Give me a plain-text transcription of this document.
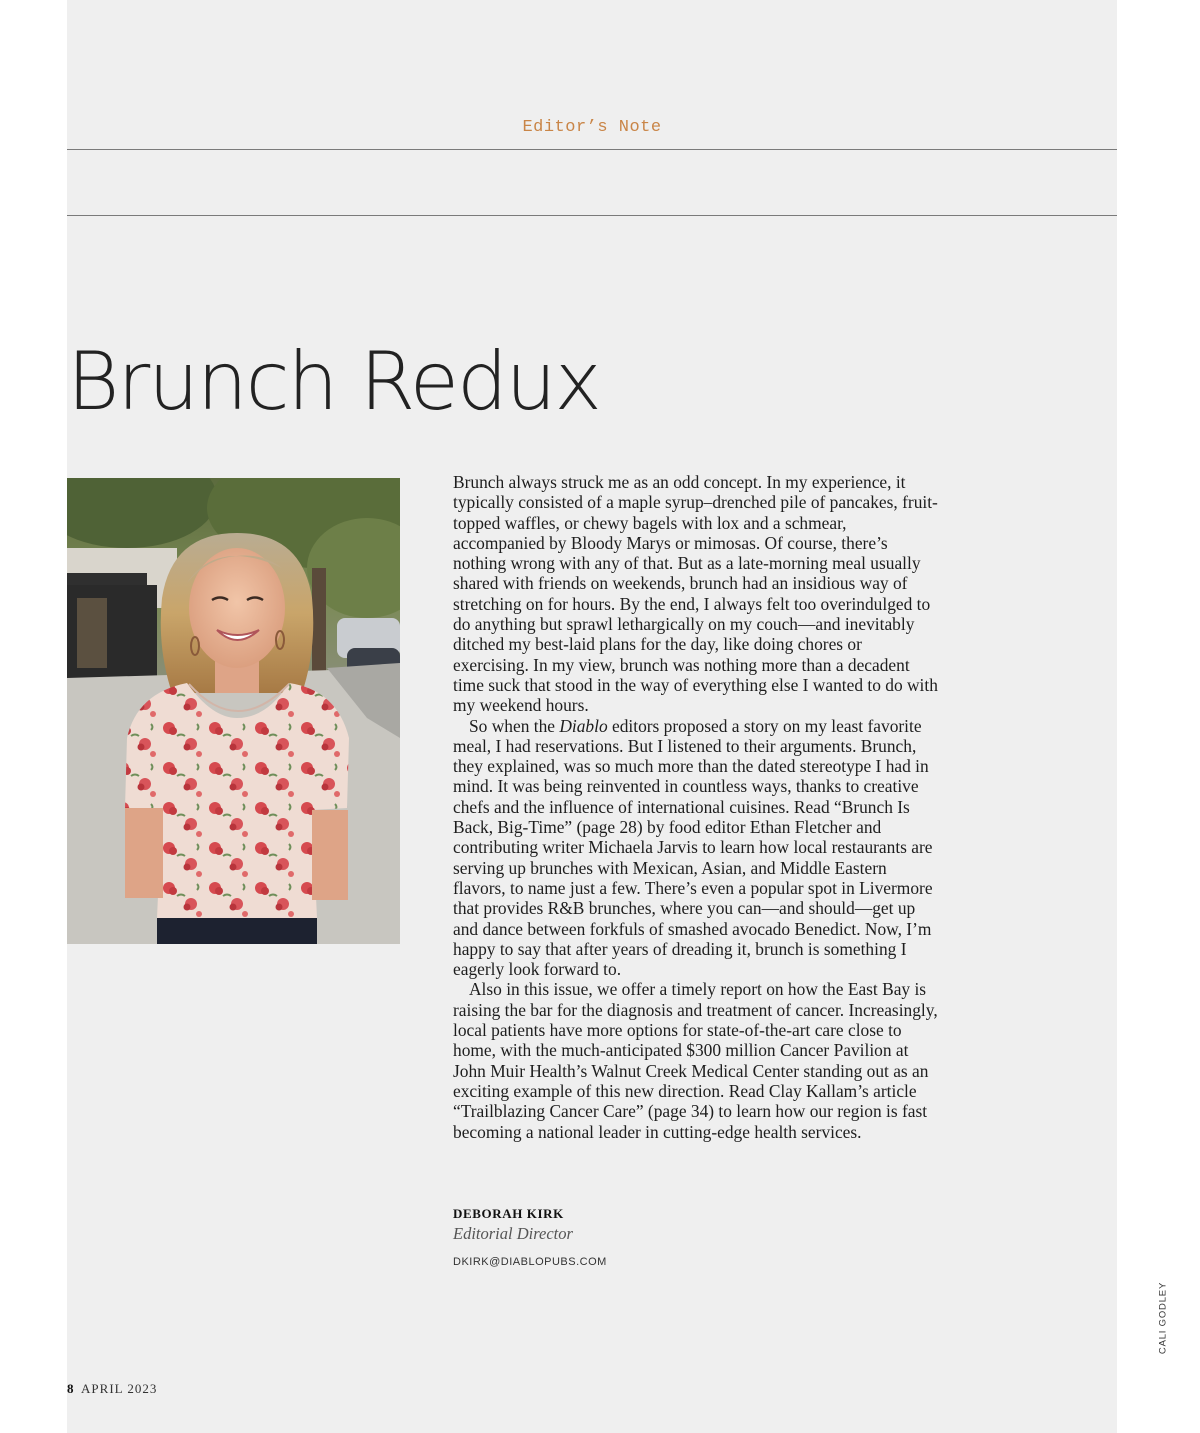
Editor’s Note
Brunch Redux

Brunch always struck me as an odd concept. In my experience, it typically consisted of a maple syrup–drenched pile of pancakes, fruit-topped waffles, or chewy bagels with lox and a schmear, accompanied by Bloody Marys or mimosas. Of course, there’s nothing wrong with any of that. But as a late-morning meal usually shared with friends on weekends, brunch had an insidious way of stretching on for hours. By the end, I always felt too overindulged to do anything but sprawl lethargically on my couch—and inevitably ditched my best-laid plans for the day, like doing chores or exercising. In my view, brunch was nothing more than a decadent time suck that stood in the way of everything else I wanted to do with my weekend hours.

So when the Diablo editors proposed a story on my least favorite meal, I had reservations. But I listened to their arguments. Brunch, they explained, was so much more than the dated stereotype I had in mind. It was being reinvented in countless ways, thanks to creative chefs and the influence of international cuisines. Read “Brunch Is Back, Big-Time” (page 28) by food editor Ethan Fletcher and contributing writer Michaela Jarvis to learn how local restaurants are serving up brunches with Mexican, Asian, and Middle Eastern flavors, to name just a few. There’s even a popular spot in Livermore that provides R&B brunches, where you can—and should—get up and dance between forkfuls of smashed avocado Benedict. Now, I’m happy to say that after years of dreading it, brunch is something I eagerly look forward to.

Also in this issue, we offer a timely report on how the East Bay is raising the bar for the diagnosis and treatment of cancer. Increasingly, local patients have more options for state-of-the-art care close to home, with the much-anticipated $300 million Cancer Pavilion at John Muir Health’s Walnut Creek Medical Center standing out as an exciting example of this new direction. Read Clay Kallam’s article “Trailblazing Cancer Care” (page 34) to learn how our region is fast becoming a national leader in cutting-edge health services.

DEBORAH KIRK
Editorial Director
DKIRK@DIABLOPUBS.COM
8 APRIL 2023
CALI GODLEY
